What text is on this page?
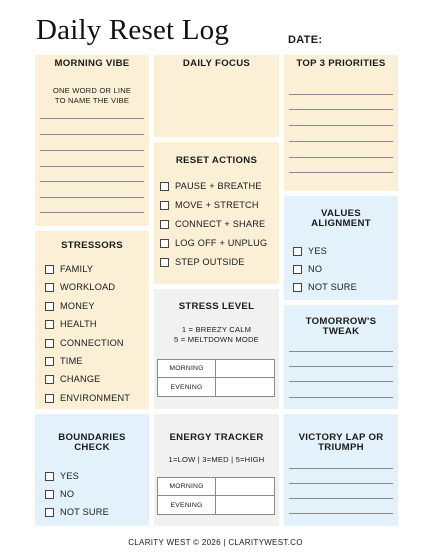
Daily Reset Log	DATE:
MORNING VIBE
ONE WORD OR LINE
TO NAME THE VIBE
DAILY FOCUS	TOP 3 PRIORITIES
RESET ACTIONS
PAUSE + BREATHE
MOVE + STRETCH
CONNECT + SHARE
LOG OFF + UNPLUG
STEP OUTSIDE
VALUES
ALIGNMENT
YES
NO
NOT SURE
STRESSORS
FAMILY
WORKLOAD
MONEY
HEALTH
CONNECTION
TIME
CHANGE
ENVIRONMENT
STRESS LEVEL
1 = BREEZY CALM
5 = MELTDOWN MODE
MORNING
EVENING
TOMORROW'S
TWEAK
BOUNDARIES
CHECK
YES
NO
NOT SURE
ENERGY TRACKER
1=LOW | 3=MED | 5=HIGH
MORNING
EVENING
VICTORY LAP OR
TRIUMPH
CLARITY WEST © 2026 | CLARITYWEST.CO
